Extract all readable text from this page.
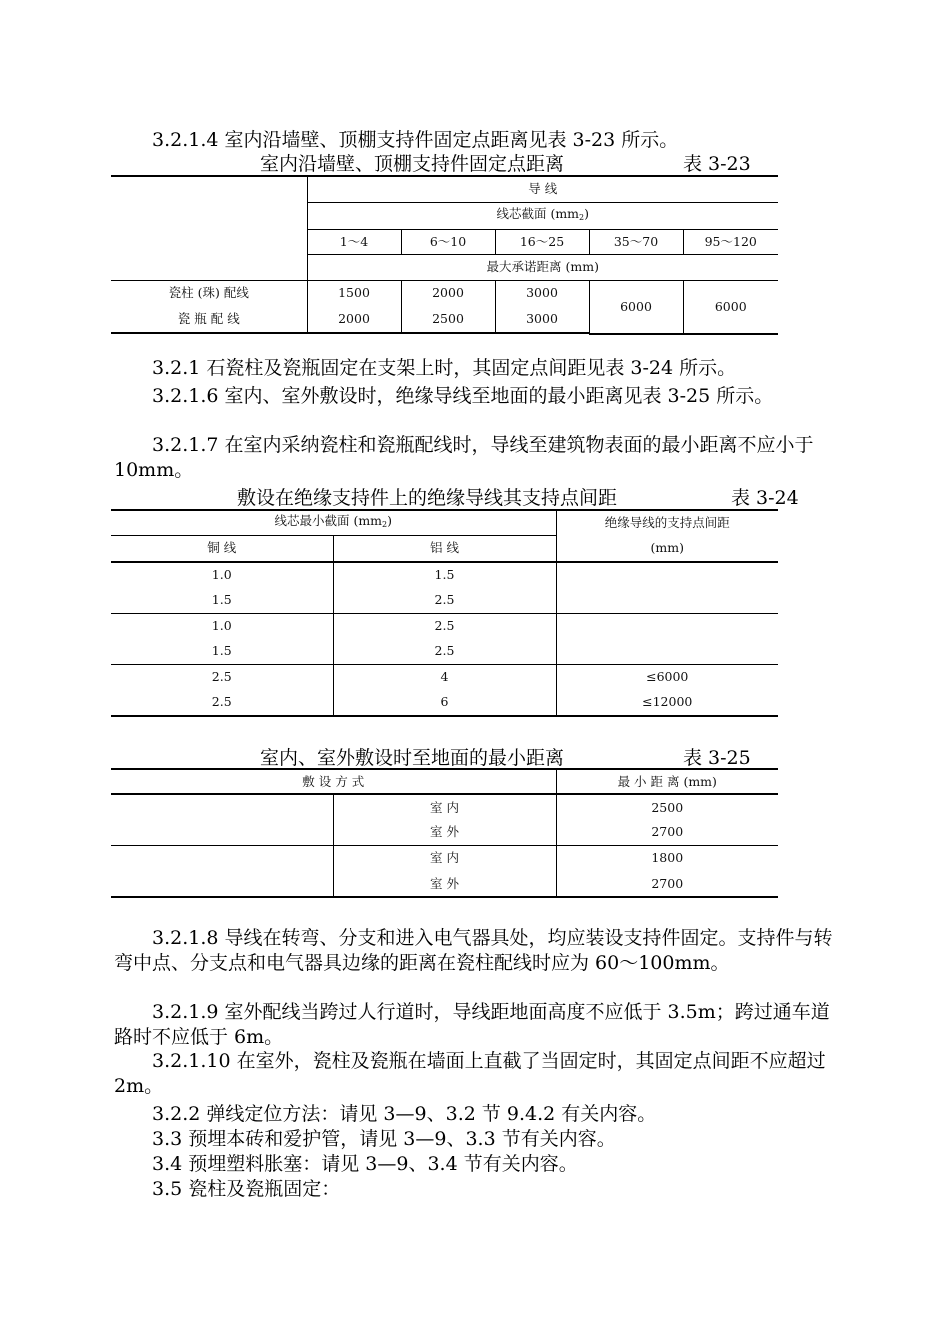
3.2.1.4 室内沿墙壁、顶棚支持件固定点距离见表 3-23 所示。
室内沿墙壁、顶棚支持件固定点距离	表 3-23
	导 线				
	线芯截面 $(mm_2)$				
	1～4	6～10	16～25	35～70	95～120
	最大承诺距离 (mm)				
瓷柱 (珠) 配线	1500	2000	3000	6000	6000
瓷 瓶 配 线	2000	2500	3000		

3.2.1 石瓷柱及瓷瓶固定在支架上时，其固定点间距见表 3-24 所示。
3.2.1.6 室内、室外敷设时，绝缘导线至地面的最小距离见表 3-25 所示。
3.2.1.7 在室内采纳瓷柱和瓷瓶配线时，导线至建筑物表面的最小距离不应小于 10mm。
敷设在绝缘支持件上的绝缘导线其支持点间距	表 3-24
线芯最小截面 $(mm_2)$		绝缘导线的支持点间距
铜 线	铝 线	(mm)
1.0	1.5	
1.5	2.5	
1.0	2.5	
1.5	2.5	
2.5	4	≤6000
2.5	6	≤12000
室内、室外敷设时至地面的最小距离	表 3-25
敷 设 方 式		最 小 距 离 (mm)
	室 内	2500
	室 外	2700
	室 内	1800
	室 外	2700
3.2.1.8 导线在转弯、分支和进入电气器具处，均应装设支持件固定。支持件与转弯中点、分支点和电气器具边缘的距离在瓷柱配线时应为 60～100mm。
3.2.1.9 室外配线当跨过人行道时，导线距地面高度不应低于 3.5m；跨过通车道路时不应低于 6m。
3.2.1.10 在室外，瓷柱及瓷瓶在墙面上直截了当固定时，其固定点间距不应超过 2m。
3.2.2 弹线定位方法：请见 3—9、3.2 节 9.4.2 有关内容。
3.3 预埋本砖和爱护管，请见 3—9、3.3 节有关内容。
3.4 预埋塑料胀塞：请见 3—9、3.4 节有关内容。
3.5 瓷柱及瓷瓶固定：
